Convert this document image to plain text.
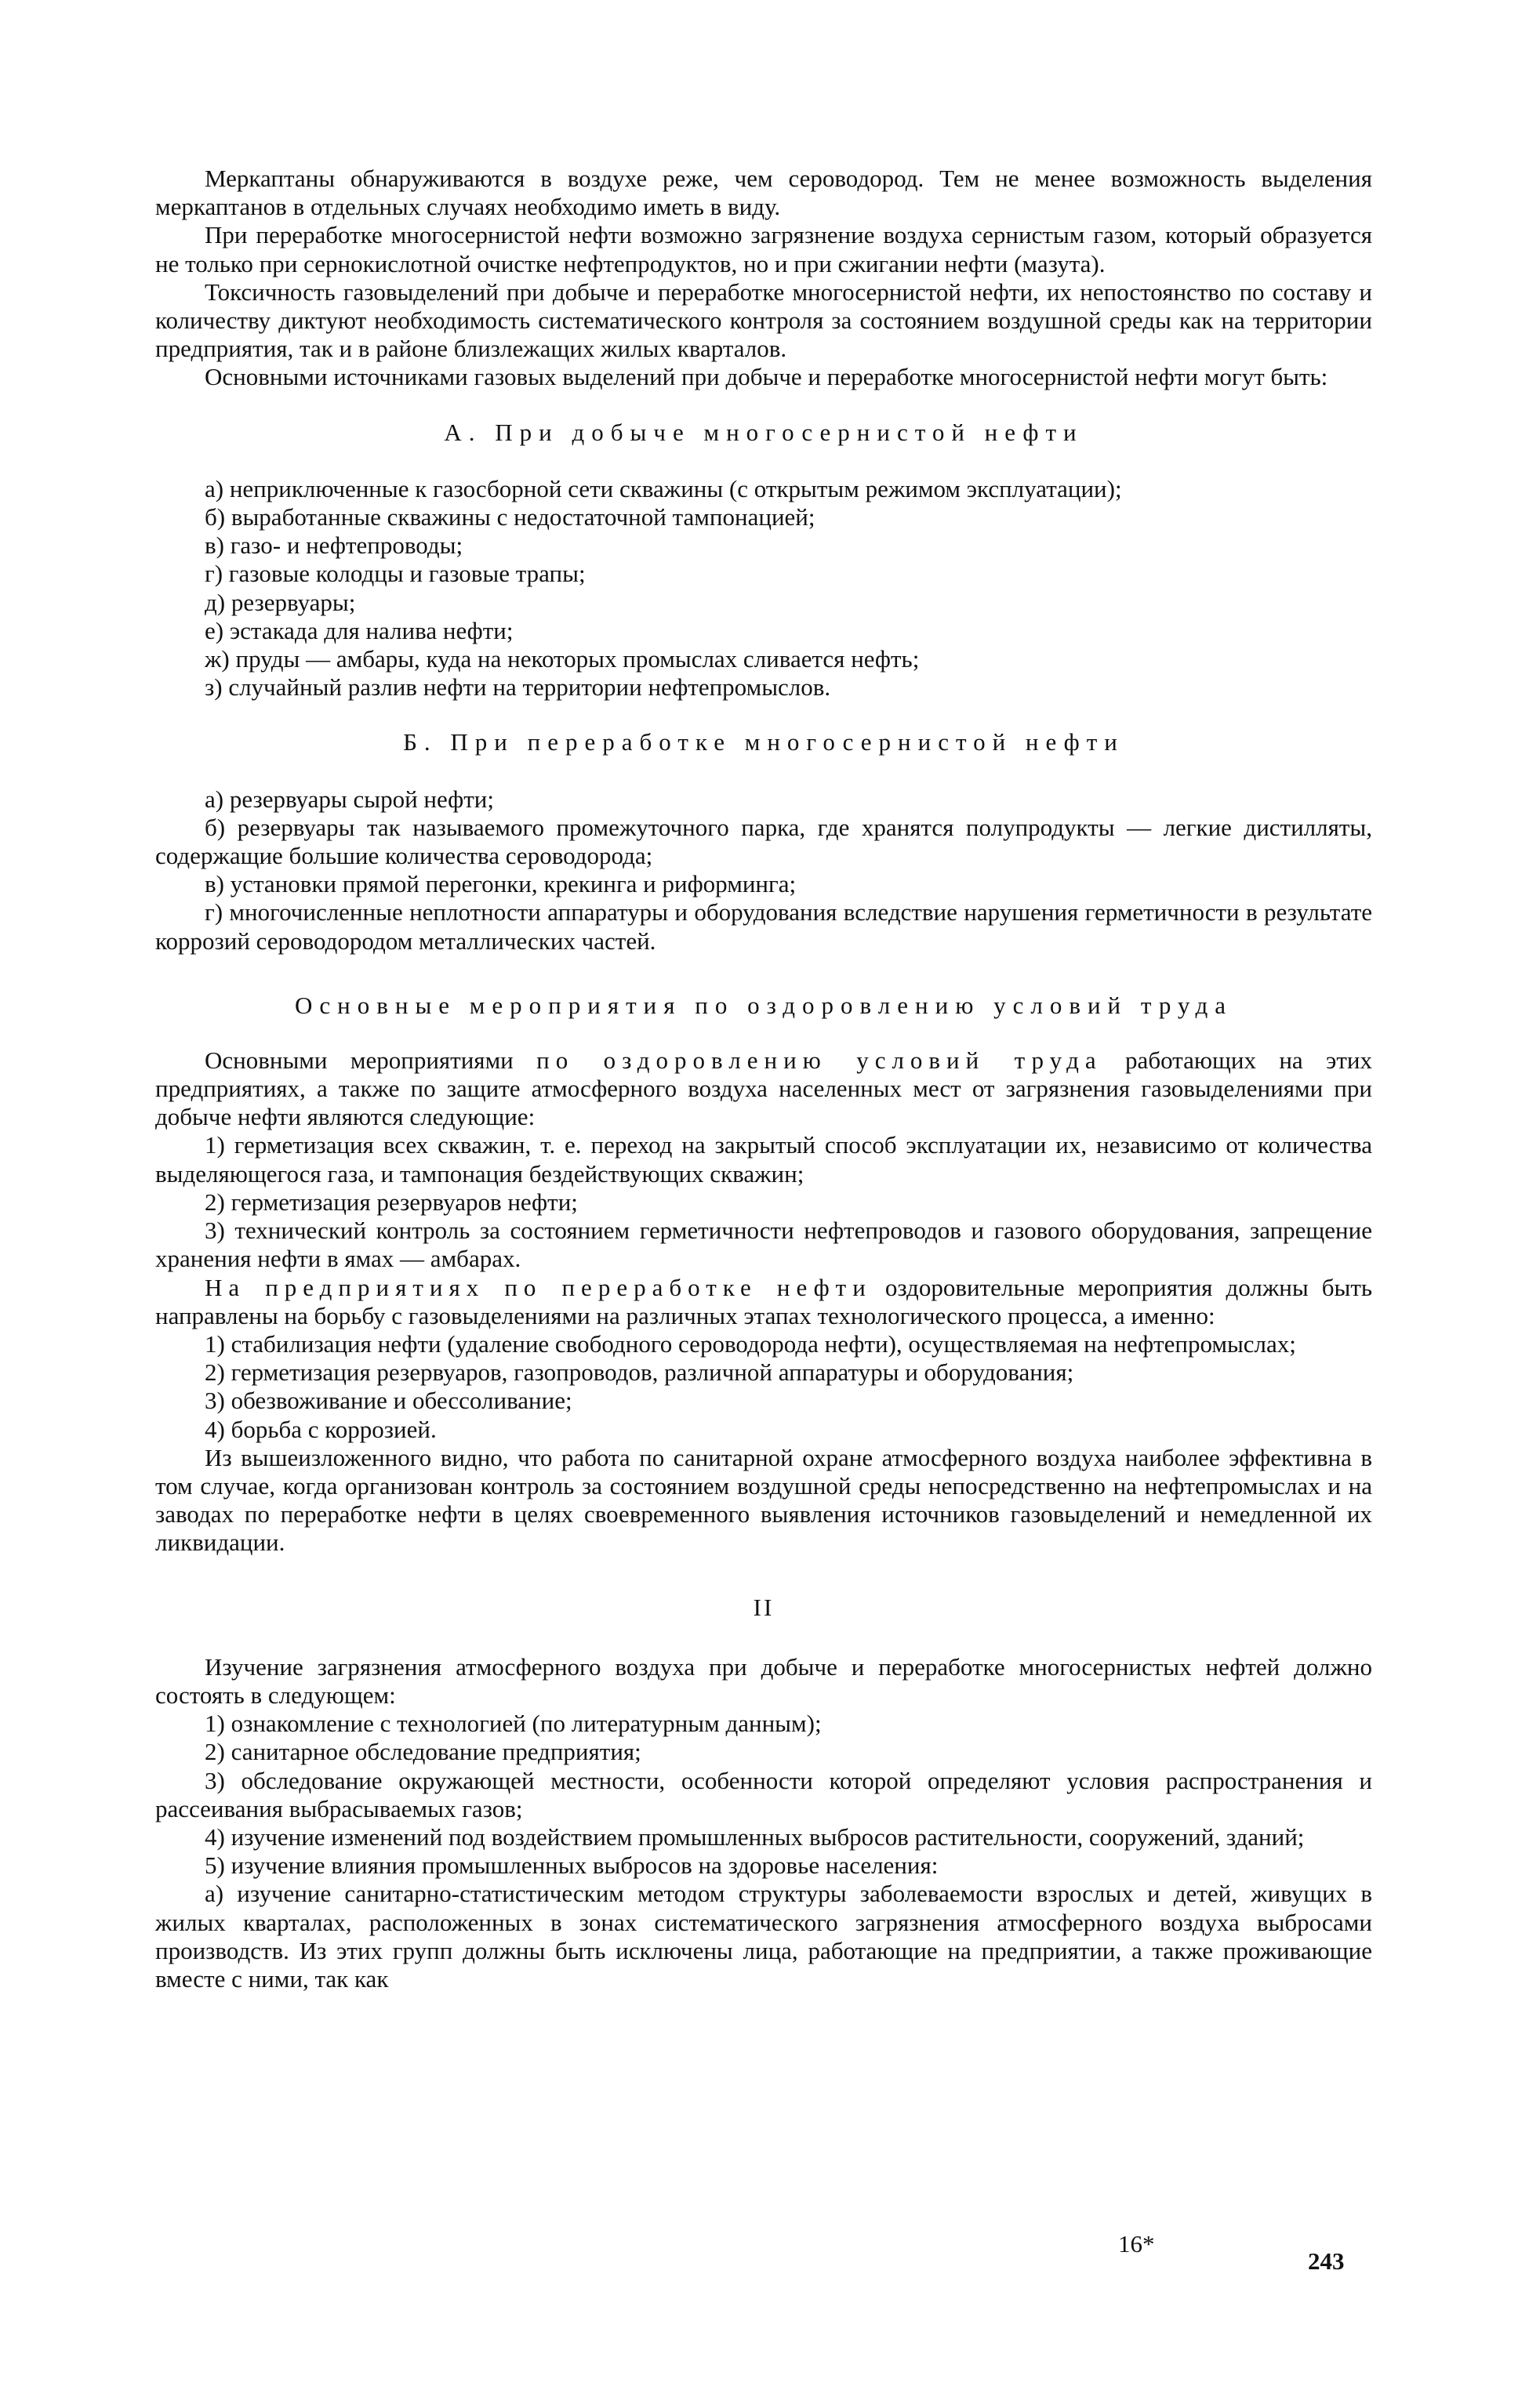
Меркаптаны обнаруживаются в воздухе реже, чем сероводород. Тем не менее возможность выделения меркаптанов в отдельных случаях необходимо иметь в виду.

При переработке многосернистой нефти возможно загрязнение воздуха сернистым газом, который образуется не только при сернокислотной очистке нефтепродуктов, но и при сжигании нефти (мазута).

Токсичность газовыделений при добыче и переработке многосернистой нефти, их непостоянство по составу и количеству диктуют необходимость систематического контроля за состоянием воздушной среды как на территории предприятия, так и в районе близлежащих жилых кварталов.

Основными источниками газовых выделений при добыче и переработке многосернистой нефти могут быть:

А. При добыче многосернистой нефти

а) неприключенные к газосборной сети скважины (с открытым режимом эксплуатации);

б) выработанные скважины с недостаточной тампонацией;

в) газо- и нефтепроводы;

г) газовые колодцы и газовые трапы;

д) резервуары;

е) эстакада для налива нефти;

ж) пруды — амбары, куда на некоторых промыслах сливается нефть;

з) случайный разлив нефти на территории нефтепромыслов.

Б. При переработке многосернистой нефти

а) резервуары сырой нефти;

б) резервуары так называемого промежуточного парка, где хранятся полупродукты — легкие дистилляты, содержащие большие количества сероводорода;

в) установки прямой перегонки, крекинга и риформинга;

г) многочисленные неплотности аппаратуры и оборудования вследствие нарушения герметичности в результате коррозий сероводородом металлических частей.

Основные мероприятия по оздоровлению условий труда

Основными мероприятиями по оздоровлению условий труда работающих на этих предприятиях, а также по защите атмосферного воздуха населенных мест от загрязнения газовыделениями при добыче нефти являются следующие:

1) герметизация всех скважин, т. е. переход на закрытый способ эксплуатации их, независимо от количества выделяющегося газа, и тампонация бездействующих скважин;

2) герметизация резервуаров нефти;

3) технический контроль за состоянием герметичности нефтепроводов и газового оборудования, запрещение хранения нефти в ямах — амбарах.

На предприятиях по переработке нефти оздоровительные мероприятия должны быть направлены на борьбу с газовыделениями на различных этапах технологического процесса, а именно:

1) стабилизация нефти (удаление свободного сероводорода нефти), осуществляемая на нефтепромыслах;

2) герметизация резервуаров, газопроводов, различной аппаратуры и оборудования;

3) обезвоживание и обессоливание;

4) борьба с коррозией.

Из вышеизложенного видно, что работа по санитарной охране атмосферного воздуха наиболее эффективна в том случае, когда организован контроль за состоянием воздушной среды непосредственно на нефтепромыслах и на заводах по переработке нефти в целях своевременного выявления источников газовыделений и немедленной их ликвидации.

II

Изучение загрязнения атмосферного воздуха при добыче и переработке многосернистых нефтей должно состоять в следующем:

1) ознакомление с технологией (по литературным данным);

2) санитарное обследование предприятия;

3) обследование окружающей местности, особенности которой определяют условия распространения и рассеивания выбрасываемых газов;

4) изучение изменений под воздействием промышленных выбросов растительности, сооружений, зданий;

5) изучение влияния промышленных выбросов на здоровье населения:

а) изучение санитарно-статистическим методом структуры заболеваемости взрослых и детей, живущих в жилых кварталах, расположенных в зонах систематического загрязнения атмосферного воздуха выбросами производств. Из этих групп должны быть исключены лица, работающие на предприятии, а также проживающие вместе с ними, так как

16*
243
